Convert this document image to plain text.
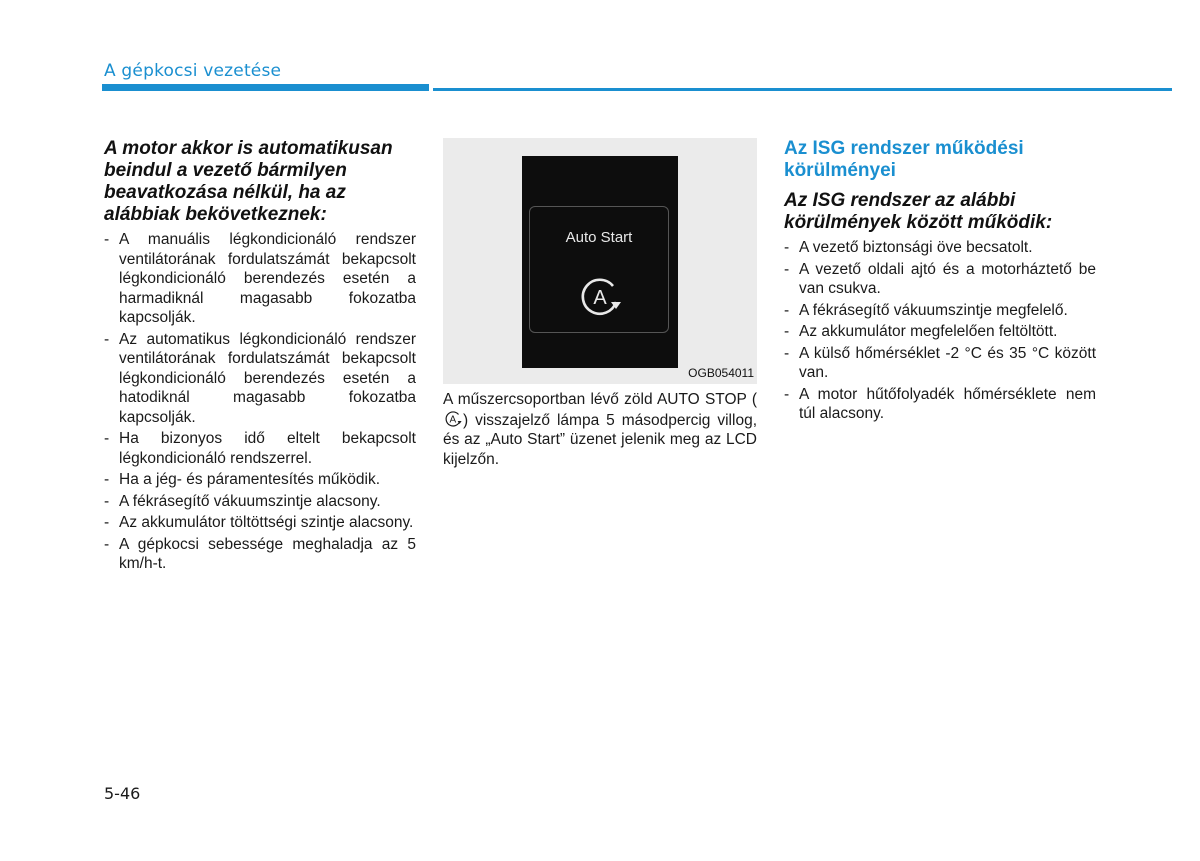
A gépkocsi vezetése

A motor akkor is automatikusan beindul a vezető bármilyen beavatkozása nélkül, ha az alábbiak bekövetkeznek:

- A manuális légkondicionáló rendszer ventilátorának fordulatszámát bekapcsolt légkondicionáló berendezés esetén a harmadiknál magasabb fokozatba kapcsolják.
- Az automatikus légkondicionáló rendszer ventilátorának fordulatszámát bekapcsolt légkondicionáló berendezés esetén a hatodiknál magasabb fokozatba kapcsolják.
- Ha bizonyos idő eltelt bekapcsolt légkondicionáló rendszerrel.
- Ha a jég- és páramentesítés működik.
- A fékrásegítő vákuumszintje alacsony.
- Az akkumulátor töltöttségi szintje alacsony.
- A gépkocsi sebessége meghaladja az 5 km/h-t.
Auto Start
A
OGB054011
A műszercsoportban lévő zöld AUTO STOP (
A ) visszajelző lámpa 5 másodpercig villog, és az „Auto Start” üzenet jelenik meg az LCD kijelzőn.
Az ISG rendszer működési körülményei

Az ISG rendszer az alábbi körülmények között működik:

- A vezető biztonsági öve becsatolt.
- A vezető oldali ajtó és a motorháztető be van csukva.
- A fékrásegítő vákuumszintje megfelelő.
- Az akkumulátor megfelelően feltöltött.
- A külső hőmérséklet -2 °C és 35 °C között van.
- A motor hűtőfolyadék hőmérséklete nem túl alacsony.
5-46
